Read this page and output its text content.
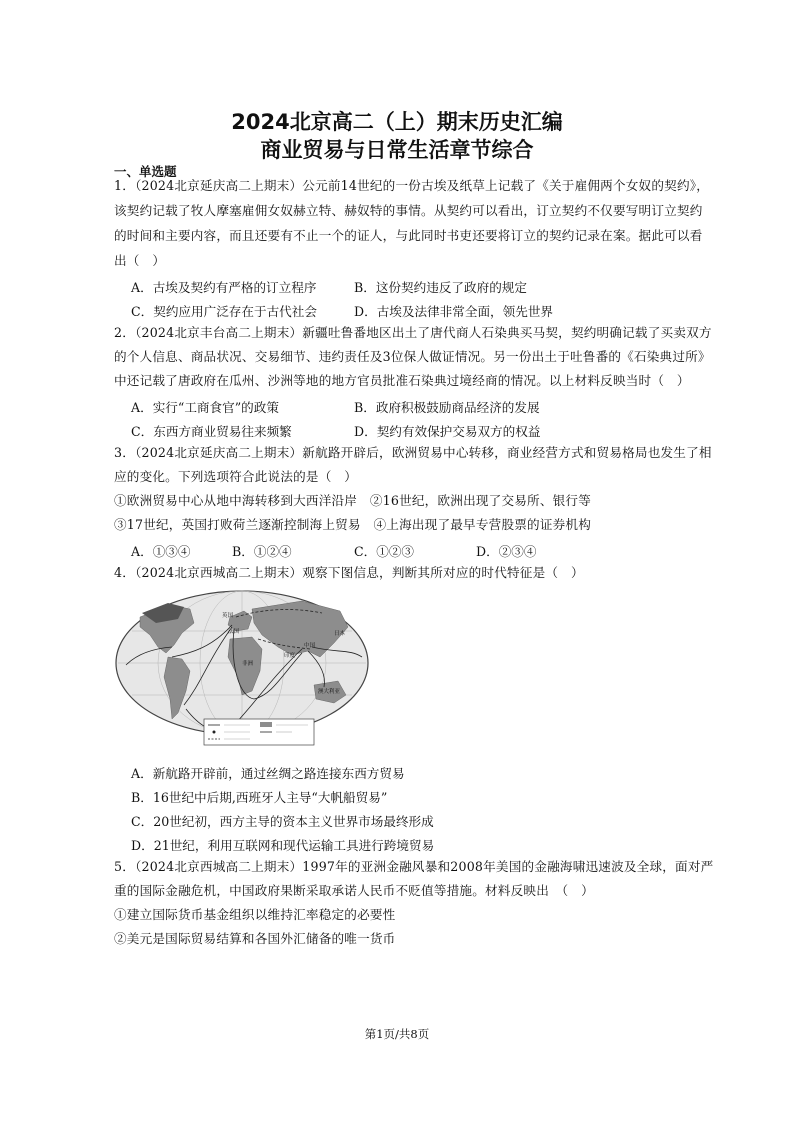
2024北京高二（上）期末历史汇编
商业贸易与日常生活章节综合
一、单选题
1．（2024北京延庆高二上期末）公元前14世纪的一份古埃及纸草上记载了《关于雇佣两个女奴的契约》，
该契约记载了牧人摩塞雇佣女奴赫立特、赫奴特的事情。从契约可以看出，订立契约不仅要写明订立契约
的时间和主要内容，而且还要有不止一个的证人，与此同时书吏还要将订立的契约记录在案。据此可以看
出（　）
A．古埃及契约有严格的订立程序	B．这份契约违反了政府的规定
C．契约应用广泛存在于古代社会	D．古埃及法律非常全面，领先世界
2．（2024北京丰台高二上期末）新疆吐鲁番地区出土了唐代商人石染典买马契，契约明确记载了买卖双方
的个人信息、商品状况、交易细节、违约责任及3位保人做证情况。另一份出土于吐鲁番的《石染典过所》
中还记载了唐政府在瓜州、沙洲等地的地方官员批准石染典过境经商的情况。以上材料反映当时（　）
A．实行“工商食官”的政策	B．政府积极鼓励商品经济的发展
C．东西方商业贸易往来频繁	D．契约有效保护交易双方的权益
3．（2024北京延庆高二上期末）新航路开辟后，欧洲贸易中心转移，商业经营方式和贸易格局也发生了相
应的变化。下列选项符合此说法的是（　）
①欧洲贸易中心从地中海转移到大西洋沿岸　②16世纪，欧洲出现了交易所、银行等
③17世纪，英国打败荷兰逐渐控制海上贸易　④上海出现了最早专营股票的证券机构
A．①③④	B．①②④	C．①②③	D．②③④
4．（2024北京西城高二上期末）观察下图信息，判断其所对应的时代特征是（　）
中国
日本
英国
法国
非洲
印度
澳大利亚
A．新航路开辟前，通过丝绸之路连接东西方贸易
B．16世纪中后期,西班牙人主导“大帆船贸易”
C．20世纪初，西方主导的资本主义世界市场最终形成
D．21世纪，利用互联网和现代运输工具进行跨境贸易
5．（2024北京西城高二上期末）1997年的亚洲金融风暴和2008年美国的金融海啸迅速波及全球，面对严
重的国际金融危机，中国政府果断采取承诺人民币不贬值等措施。材料反映出　（　）
①建立国际货币基金组织以维持汇率稳定的必要性
②美元是国际贸易结算和各国外汇储备的唯一货币
第1页/共8页
